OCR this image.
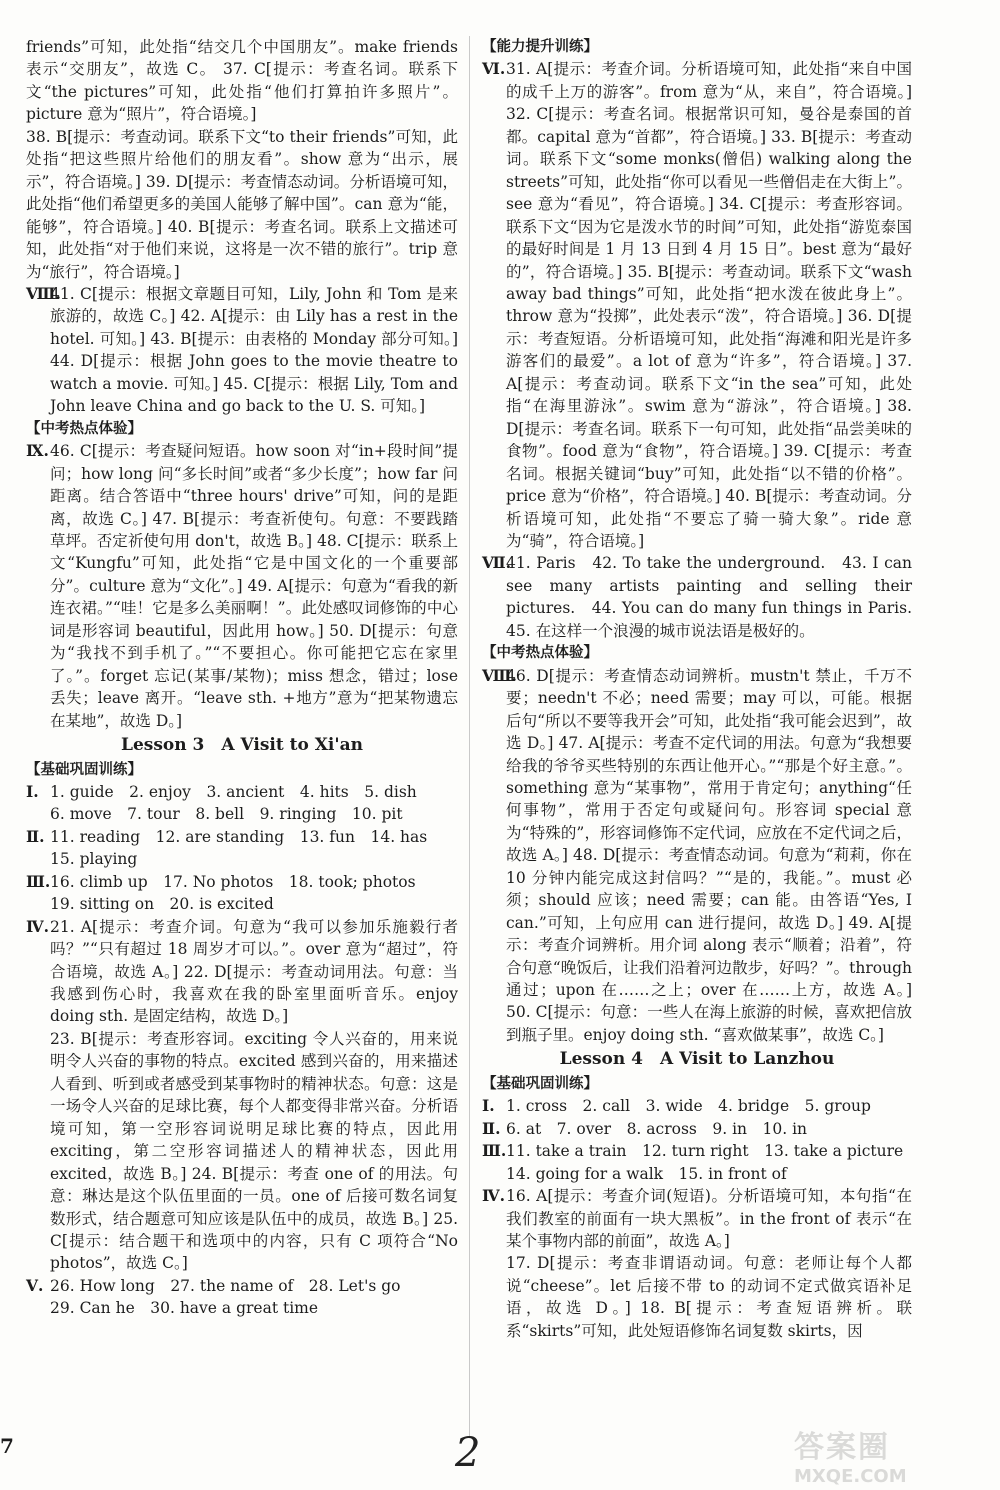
friends”可知，此处指“结交几个中国朋友”。make friends 表示“交朋友”，故选 C。 37. C[提示：考查名词。联系下文“the pictures”可知，此处指“他们打算拍许多照片”。picture 意为“照片”，符合语境。]

38. B[提示：考查动词。联系下文“to their friends”可知，此处指“把这些照片给他们的朋友看”。show 意为“出示，展示”，符合语境。] 39. D[提示：考查情态动词。分析语境可知，此处指“他们希望更多的美国人能够了解中国”。can 意为“能，能够”，符合语境。] 40. B[提示：考查名词。联系上文描述可知，此处指“对于他们来说，这将是一次不错的旅行”。trip 意为“旅行”，符合语境。]

Ⅷ.41. C[提示：根据文章题目可知，Lily, John 和 Tom 是来旅游的，故选 C。] 42. A[提示：由 Lily has a rest in the hotel. 可知。] 43. B[提示：由表格的 Monday 部分可知。] 44. D[提示：根据 John goes to the movie theatre to watch a movie. 可知。] 45. C[提示：根据 Lily, Tom and John leave China and go back to the U. S. 可知。]

【中考热点体验】

Ⅸ.46. C[提示：考查疑问短语。how soon 对“in+段时间”提问；how long 问“多长时间”或者“多少长度”；how far 问距离。结合答语中“three hours' drive”可知，问的是距离，故选 C。] 47. B[提示：考查祈使句。句意：不要践踏草坪。否定祈使句用 don't，故选 B。] 48. C[提示：联系上文“Kungfu”可知，此处指“它是中国文化的一个重要部分”。culture 意为“文化”。] 49. A[提示：句意为“看我的新连衣裙。”“哇！它是多么美丽啊！”。此处感叹词修饰的中心词是形容词 beautiful，因此用 how。] 50. D[提示：句意为“我找不到手机了。”“不要担心。你可能把它忘在家里了。”。forget 忘记(某事/某物)；miss 想念，错过；lose 丢失；leave 离开。“leave sth. +地方”意为“把某物遗忘在某地”，故选 D。]

Lesson 3　A Visit to Xi'an

【基础巩固训练】

Ⅰ. 1. guide　2. enjoy　3. ancient　4. hits　5. dish

6. move　7. tour　8. bell　9. ringing　10. pit

Ⅱ. 11. reading　12. are standing　13. fun　14. has

15. playing

Ⅲ.16. climb up　17. No photos　18. took; photos

19. sitting on　20. is excited

Ⅳ.21. A[提示：考查介词。句意为“我可以参加乐施毅行者吗？”“只有超过 18 周岁才可以。”。over 意为“超过”，符合语境，故选 A。] 22. D[提示：考查动词用法。句意：当我感到伤心时，我喜欢在我的卧室里面听音乐。enjoy doing sth. 是固定结构，故选 D。]

23. B[提示：考查形容词。exciting 令人兴奋的，用来说明令人兴奋的事物的特点。excited 感到兴奋的，用来描述人看到、听到或者感受到某事物时的精神状态。句意：这是一场令人兴奋的足球比赛，每个人都变得非常兴奋。分析语境可知，第一空形容词说明足球比赛的特点，因此用 exciting，第二空形容词描述人的精神状态，因此用 excited，故选 B。] 24. B[提示：考查 one of 的用法。句意：琳达是这个队伍里面的一员。one of 后接可数名词复数形式，结合题意可知应该是队伍中的成员，故选 B。] 25. C[提示：结合题干和选项中的内容，只有 C 项符合“No photos”，故选 C。]

Ⅴ. 26. How long　27. the name of　28. Let's go

29. Can he　30. have a great time

【能力提升训练】

Ⅵ.31. A[提示：考查介词。分析语境可知，此处指“来自中国的成千上万的游客”。from 意为“从，来自”，符合语境。] 32. C[提示：考查名词。根据常识可知，曼谷是泰国的首都。capital 意为“首都”，符合语境。] 33. B[提示：考查动词。联系下文“some monks(僧侣) walking along the streets”可知，此处指“你可以看见一些僧侣走在大街上”。see 意为“看见”，符合语境。] 34. C[提示：考查形容词。联系下文“因为它是泼水节的时间”可知，此处指“游览泰国的最好时间是 1 月 13 日到 4 月 15 日”。best 意为“最好的”，符合语境。] 35. B[提示：考查动词。联系下文“wash away bad things”可知，此处指“把水泼在彼此身上”。throw 意为“投掷”，此处表示“泼”，符合语境。] 36. D[提示：考查短语。分析语境可知，此处指“海滩和阳光是许多游客们的最爱”。a lot of 意为“许多”，符合语境。] 37. A[提示：考查动词。联系下文“in the sea”可知，此处指“在海里游泳”。swim 意为“游泳”，符合语境。] 38. D[提示：考查名词。联系下一句可知，此处指“品尝美味的食物”。food 意为“食物”，符合语境。] 39. C[提示：考查名词。根据关键词“buy”可知，此处指“以不错的价格”。price 意为“价格”，符合语境。] 40. B[提示：考查动词。分析语境可知，此处指“不要忘了骑一骑大象”。ride 意为“骑”，符合语境。]

Ⅶ.41. Paris　42. To take the underground.　43. I can see many artists painting and selling their pictures.　44. You can do many fun things in Paris.　45. 在这样一个浪漫的城市说法语是极好的。

【中考热点体验】

Ⅷ.46. D[提示：考查情态动词辨析。mustn't 禁止，千万不要；needn't 不必；need 需要；may 可以，可能。根据后句“所以不要等我开会”可知，此处指“我可能会迟到”，故选 D。] 47. A[提示：考查不定代词的用法。句意为“我想要给我的爷爷买些特别的东西让他开心。”“那是个好主意。”。something 意为“某事物”，常用于肯定句；anything“任何事物”，常用于否定句或疑问句。形容词 special 意为“特殊的”，形容词修饰不定代词，应放在不定代词之后，故选 A。] 48. D[提示：考查情态动词。句意为“莉莉，你在 10 分钟内能完成这封信吗？”“是的，我能。”。must 必须；should 应该；need 需要；can 能。由答语“Yes, I can.”可知，上句应用 can 进行提问，故选 D。] 49. A[提示：考查介词辨析。用介词 along 表示“顺着；沿着”，符合句意“晚饭后，让我们沿着河边散步，好吗？”。through 通过；upon 在……之上；over 在……上方，故选 A。] 50. C[提示：句意：一些人在海上旅游的时候，喜欢把信放到瓶子里。enjoy doing sth. “喜欢做某事”，故选 C。]

Lesson 4　A Visit to Lanzhou

【基础巩固训练】

Ⅰ. 1. cross　2. call　3. wide　4. bridge　5. group

Ⅱ. 6. at　7. over　8. across　9. in　10. in

Ⅲ.11. take a train　12. turn right　13. take a picture

14. going for a walk　15. in front of

Ⅳ.16. A[提示：考查介词(短语)。分析语境可知，本句指“在我们教室的前面有一块大黑板”。in the front of 表示“在某个事物内部的前面”，故选 A。]

17. D[提示：考查非谓语动词。句意：老师让每个人都说“cheese”。let 后接不带 to 的动词不定式做宾语补足语，故选 D。] 18. B[提示：考查短语辨析。联系“skirts”可知，此处短语修饰名词复数 skirts，因

7	2	答案圈
MXQE.COM
